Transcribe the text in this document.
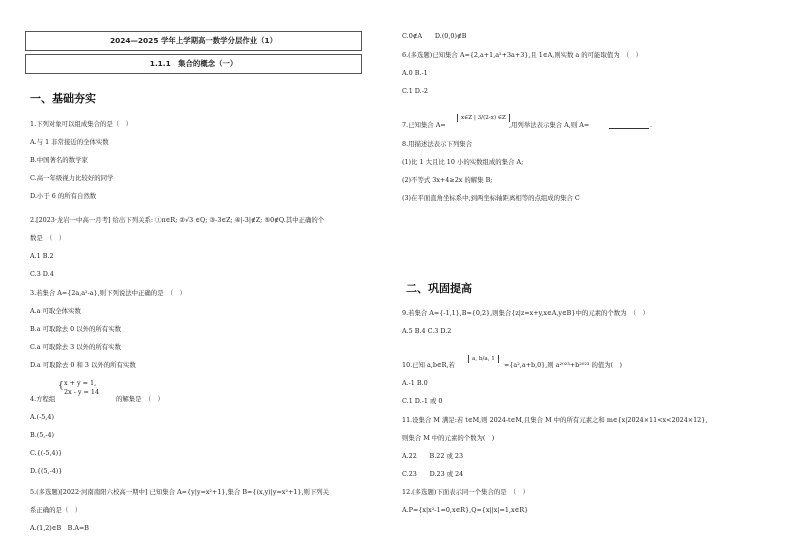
2024—2025 学年上学期高一数学分层作业（1）
1.1.1　集合的概念（一）
一、基础夯实
1.下列对象可以组成集合的是（　）
A.与 1 非常接近的全体实数
B.中国著名的数学家
C.高一年级视力比较好的同学
D.小于 6 的所有自然数
2.[2023·龙岩一中高一月考] 给出下列关系: ①π∈R; ②√3 ∈Q; ③-3∈Z; ④|-3|∉Z; ⑤0∉Q.其中正确的个
数是　（　）
A.1 B.2
C.3 D.4
3.若集合 A={2a,a²-a},则下列说法中正确的是　（　）
A.a 可取全体实数
B.a 可取除去 0 以外的所有实数
C.a 可取除去 3 以外的所有实数
D.a 可取除去 0 和 3 以外的所有实数
4.方程组
{ x + y = 1,
2x - y = 14
的解集是　（　）
A.(-5,4)
B.(5,-4)
C.{(-5,4)}
D.{(5,-4)}
5.(多选题)[2022·河南南阳六校高一期中] 已知集合 A={y|y=x²+1},集合 B={(x,y)|y=x²+1},则下列关
系正确的是（　）
A.(1,2)∈B　B.A=B
C.0∉A　　D.(0,0)∉B
6.(多选题)已知集合 A={2,a+1,a²+3a+3},且 1∈A,则实数 a 的可能取值为　（　）
A.0 B.-1
C.1 D.-2
7.已知集合 A=
x∈Z | 3/(2-x) ∈Z
,用列举法表示集合 A,则 A=	.
8.用描述法表示下列集合
(1)比 1 大且比 10 小的实数组成的集合 A;
(2)不等式 3x+4≥2x 的解集 B;
(3)在平面直角坐标系中,到两坐标轴距离相等的点组成的集合 C
二、巩固提高
9.若集合 A={-1,1},B={0,2},则集合{z|z=x+y,x∈A,y∈B}中的元素的个数为　（　）
A.5 B.4 C.3 D.2
10.已知 a,b∈R,若
a, b/a, 1
={a²,a+b,0},则 a²⁰²³+b²⁰²³ 的值为(　)
A.-1 B.0
C.1 D.-1 或 0
11.设集合 M 满足:若 t∈M,则 2024-t∈M,且集合 M 中的所有元素之和 m∈{x|2024×11<x<2024×12},
则集合 M 中的元素的个数为(　)
A.22　　B.22 或 23
C.23　　D.23 或 24
12.(多选题)下面表示同一个集合的是　（　）
A.P={x|x²-1=0,x∈R},Q={x||x|=1,x∈R}
